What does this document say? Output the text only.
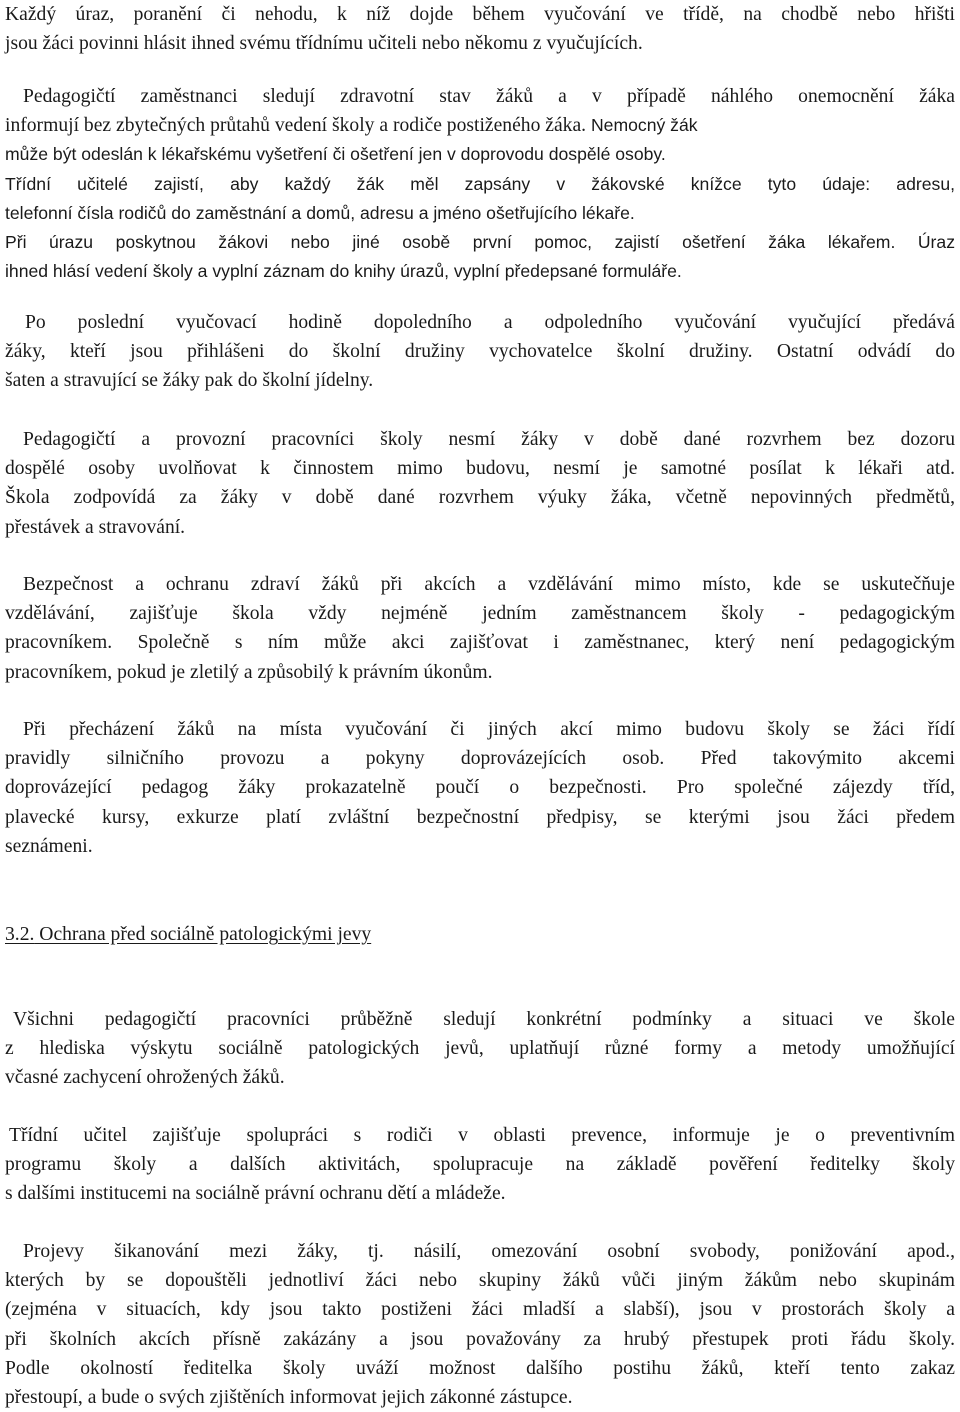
Každý úraz, poranění či nehodu, k níž dojde během vyučování ve třídě, na chodbě nebo hřišti
jsou žáci povinni hlásit ihned svému třídnímu učiteli nebo někomu z vyučujících.
Pedagogičtí zaměstnanci sledují zdravotní stav žáků a v případě náhlého onemocnění žáka
informují bez zbytečných průtahů vedení školy a rodiče postiženého žáka. Nemocný žák
může být odeslán k lékařskému vyšetření či ošetření jen v doprovodu dospělé osoby.
Třídní učitelé zajistí, aby každý žák měl zapsány v žákovské knížce tyto údaje: adresu,
telefonní čísla rodičů do zaměstnání a domů, adresu a jméno ošetřujícího lékaře.
Při úrazu poskytnou žákovi nebo jiné osobě první pomoc, zajistí ošetření žáka lékařem. Úraz
ihned hlásí vedení školy a vyplní záznam do knihy úrazů, vyplní předepsané formuláře.
Po poslední vyučovací hodině dopoledního a odpoledního vyučování vyučující předává
žáky, kteří jsou přihlášeni do školní družiny vychovatelce školní družiny. Ostatní odvádí do
šaten a stravující se žáky pak do školní jídelny.
Pedagogičtí a provozní pracovníci školy nesmí žáky v době dané rozvrhem bez dozoru
dospělé osoby uvolňovat k činnostem mimo budovu, nesmí je samotné posílat k lékaři atd.
Škola zodpovídá za žáky v době dané rozvrhem výuky žáka, včetně nepovinných předmětů,
přestávek a stravování.
Bezpečnost a ochranu zdraví žáků při akcích a vzdělávání mimo místo, kde se uskutečňuje
vzdělávání, zajišťuje škola vždy nejméně jedním zaměstnancem školy - pedagogickým
pracovníkem. Společně s ním může akci zajišťovat i zaměstnanec, který není pedagogickým
pracovníkem, pokud je zletilý a způsobilý k právním úkonům.
Při přecházení žáků na místa vyučování či jiných akcí mimo budovu školy se žáci řídí
pravidly silničního provozu a pokyny doprovázejících osob. Před takovýmito akcemi
doprovázející pedagog žáky prokazatelně poučí o bezpečnosti. Pro společné zájezdy tříd,
plavecké kursy, exkurze platí zvláštní bezpečnostní předpisy, se kterými jsou žáci předem
seznámeni.
3.2. Ochrana před sociálně patologickými jevy
Všichni pedagogičtí pracovníci průběžně sledují konkrétní podmínky a situaci ve škole
z hlediska výskytu sociálně patologických jevů, uplatňují různé formy a metody umožňující
včasné zachycení ohrožených žáků.
Třídní učitel zajišťuje spolupráci s rodiči v oblasti prevence, informuje je o preventivním
programu školy a dalších aktivitách, spolupracuje na základě pověření ředitelky školy
s dalšími institucemi na sociálně právní ochranu dětí a mládeže.
Projevy šikanování mezi žáky, tj. násilí, omezování osobní svobody, ponižování apod.,
kterých by se dopouštěli jednotliví žáci nebo skupiny žáků vůči jiným žákům nebo skupinám
(zejména v situacích, kdy jsou takto postiženi žáci mladší a slabší), jsou v prostorách školy a
při školních akcích přísně zakázány a jsou považovány za hrubý přestupek proti řádu školy.
Podle okolností ředitelka školy uváží možnost dalšího postihu žáků, kteří tento zakaz
přestoupí, a bude o svých zjištěních informovat jejich zákonné zástupce.
